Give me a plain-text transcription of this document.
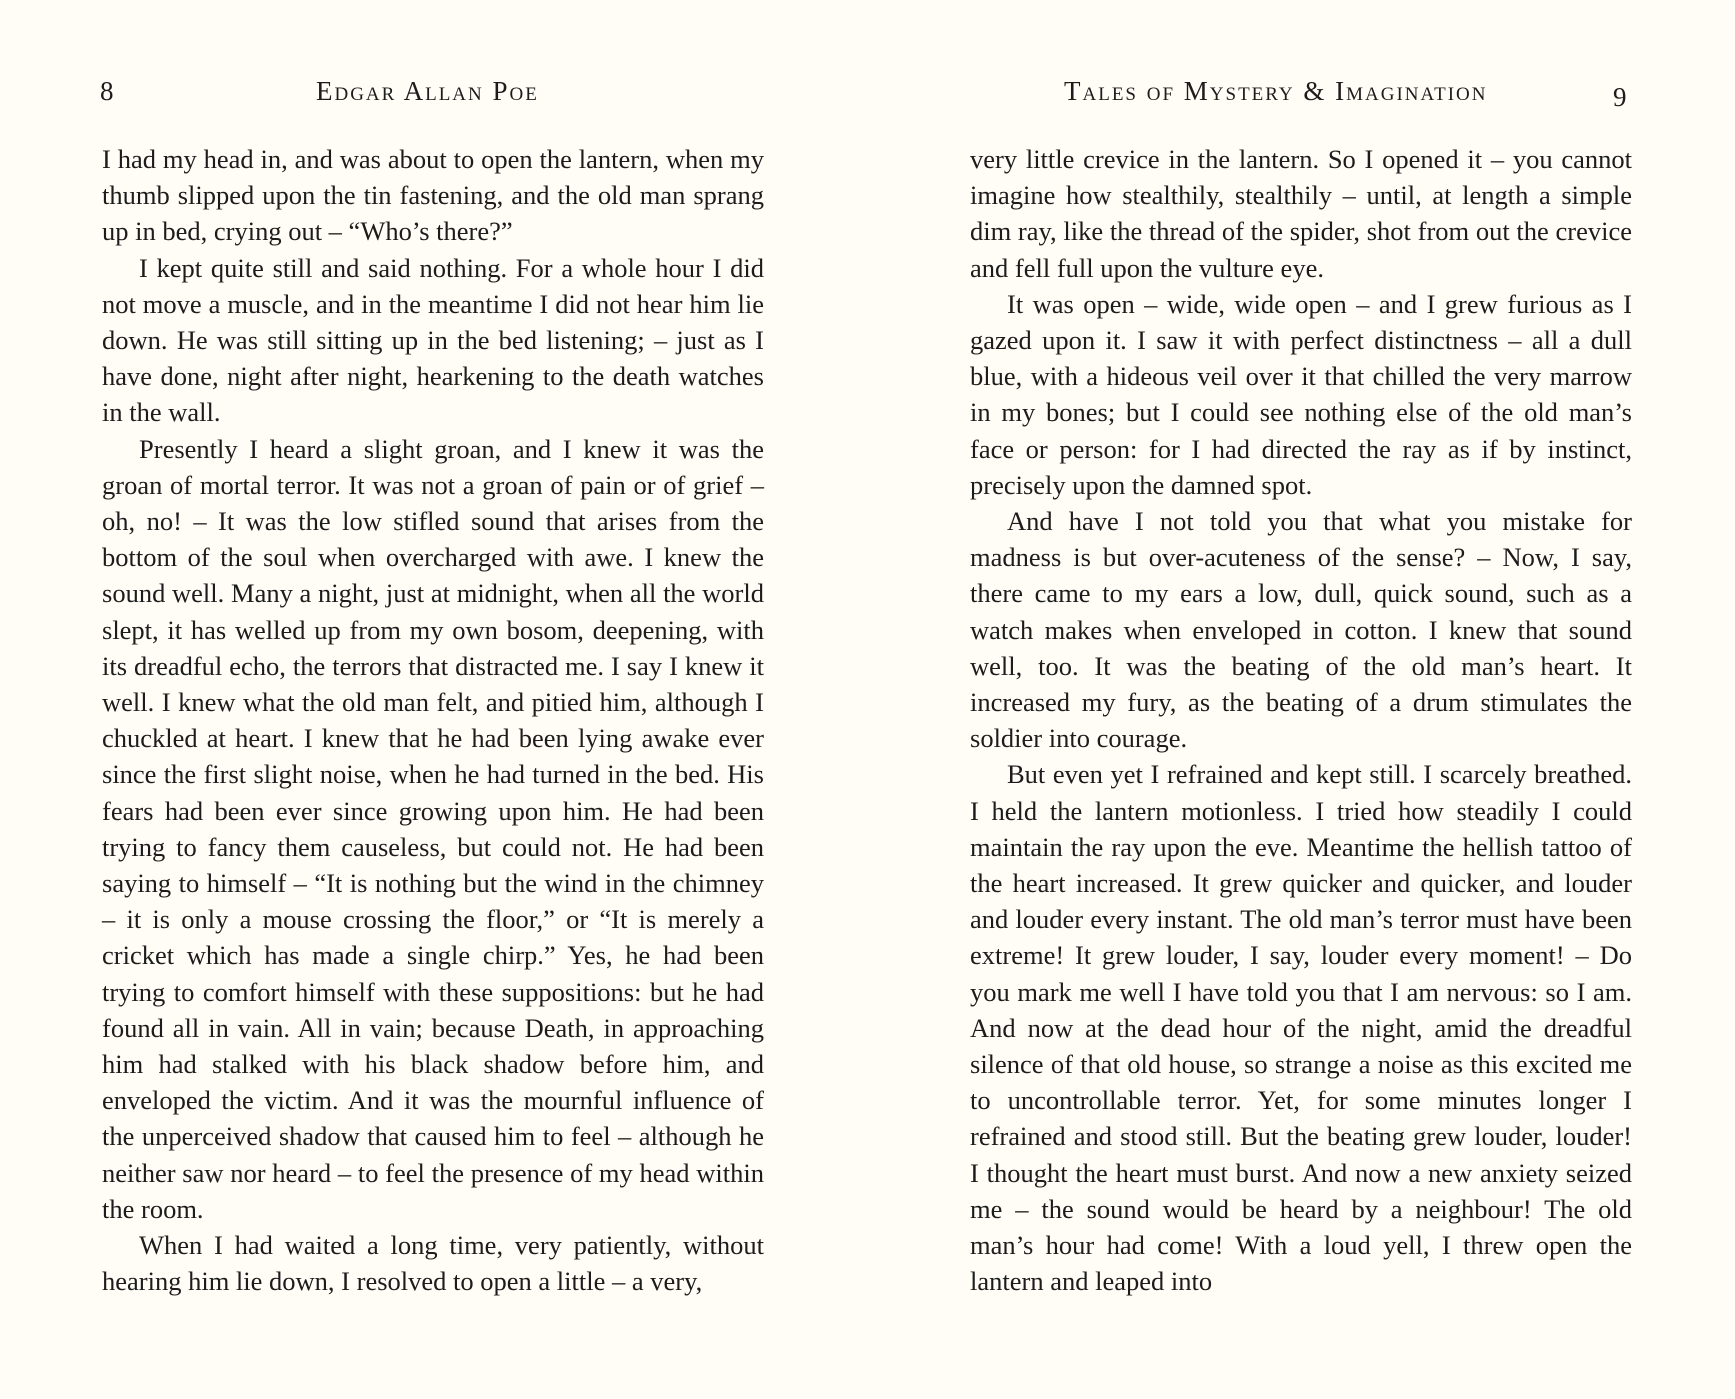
8	Edgar Allan Poe

I had my head in, and was about to open the lantern, when my thumb slipped upon the tin fastening, and the old man sprang up in bed, crying out – “Who’s there?”

I kept quite still and said nothing. For a whole hour I did not move a muscle, and in the meantime I did not hear him lie down. He was still sitting up in the bed listening; – just as I have done, night after night, hearkening to the death watches in the wall.

Presently I heard a slight groan, and I knew it was the groan of mortal terror. It was not a groan of pain or of grief – oh, no! – It was the low stifled sound that arises from the bottom of the soul when overcharged with awe. I knew the sound well. Many a night, just at midnight, when all the world slept, it has welled up from my own bosom, deepening, with its dreadful echo, the terrors that distracted me. I say I knew it well. I knew what the old man felt, and pitied him, although I chuckled at heart. I knew that he had been lying awake ever since the first slight noise, when he had turned in the bed. His fears had been ever since growing upon him. He had been trying to fancy them causeless, but could not. He had been saying to himself – “It is nothing but the wind in the chimney – it is only a mouse crossing the floor,” or “It is merely a cricket which has made a single chirp.” Yes, he had been trying to comfort himself with these suppositions: but he had found all in vain. All in vain; because Death, in approaching him had stalked with his black shadow before him, and enveloped the victim. And it was the mournful influence of the unperceived shadow that caused him to feel – although he neither saw nor heard – to feel the presence of my head within the room.

When I had waited a long time, very patiently, without hearing him lie down, I resolved to open a little – a very,

Tales of Mystery & Imagination	9

very little crevice in the lantern. So I opened it – you cannot imagine how stealthily, stealthily – until, at length a simple dim ray, like the thread of the spider, shot from out the crevice and fell full upon the vulture eye.

It was open – wide, wide open – and I grew furious as I gazed upon it. I saw it with perfect distinctness – all a dull blue, with a hideous veil over it that chilled the very marrow in my bones; but I could see nothing else of the old man’s face or person: for I had directed the ray as if by instinct, precisely upon the damned spot.

And have I not told you that what you mistake for madness is but over-acuteness of the sense? – Now, I say, there came to my ears a low, dull, quick sound, such as a watch makes when enveloped in cotton. I knew that sound well, too. It was the beating of the old man’s heart. It increased my fury, as the beating of a drum stimulates the soldier into courage.

But even yet I refrained and kept still. I scarcely breathed. I held the lantern motionless. I tried how steadily I could maintain the ray upon the eve. Meantime the hellish tattoo of the heart increased. It grew quicker and quicker, and louder and louder every instant. The old man’s terror must have been extreme! It grew louder, I say, louder every moment! – Do you mark me well I have told you that I am nervous: so I am. And now at the dead hour of the night, amid the dreadful silence of that old house, so strange a noise as this excited me to uncontrollable terror. Yet, for some minutes longer I refrained and stood still. But the beating grew louder, louder! I thought the heart must burst. And now a new anxiety seized me – the sound would be heard by a neighbour! The old man’s hour had come! With a loud yell, I threw open the lantern and leaped into
